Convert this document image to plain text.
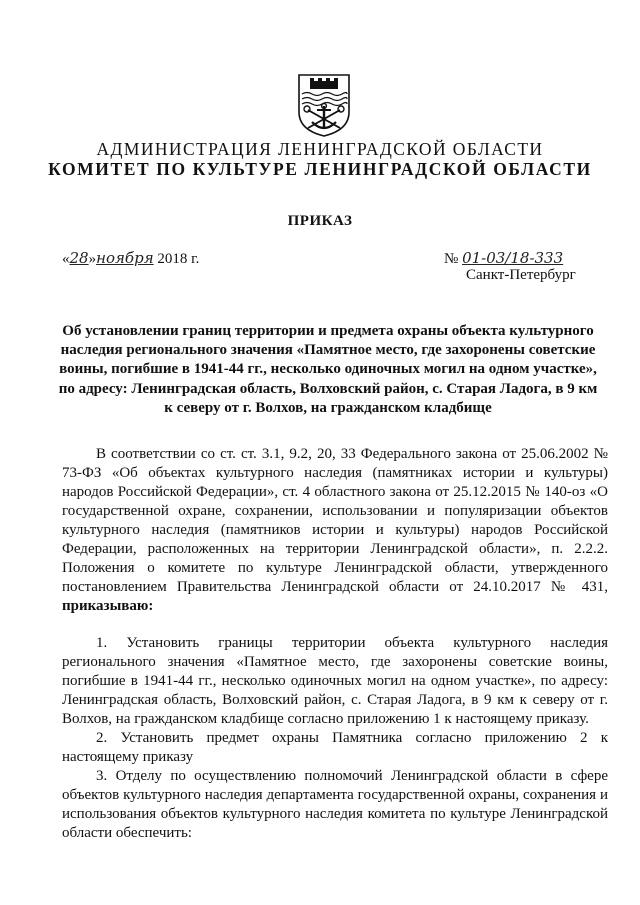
АДМИНИСТРАЦИЯ ЛЕНИНГРАДСКОЙ ОБЛАСТИ
КОМИТЕТ ПО КУЛЬТУРЕ ЛЕНИНГРАДСКОЙ ОБЛАСТИ
ПРИКАЗ
«28»ноября 2018 г.	№ 01-03/18-333
Санкт-Петербург
Об установлении границ территории и предмета охраны объекта культурного наследия регионального значения «Памятное место, где захоронены советские воины, погибшие в 1941-44 гг., несколько одиночных могил на одном участке», по адресу: Ленинградская область, Волховский район, с. Старая Ладога, в 9 км к северу от г. Волхов, на гражданском кладбище

В соответствии со ст. ст. 3.1, 9.2, 20, 33 Федерального закона от 25.06.2002 № 73-ФЗ «Об объектах культурного наследия (памятниках истории и культуры) народов Российской Федерации», ст. 4 областного закона от 25.12.2015 № 140-оз «О государственной охране, сохранении, использовании и популяризации объектов культурного наследия (памятников истории и культуры) народов Российской Федерации, расположенных на территории Ленинградской области», п. 2.2.2. Положения о комитете по культуре Ленинградской области, утвержденного постановлением Правительства Ленинградской области от 24.10.2017 № 431, приказываю:

1. Установить границы территории объекта культурного наследия регионального значения «Памятное место, где захоронены советские воины, погибшие в 1941-44 гг., несколько одиночных могил на одном участке», по адресу: Ленинградская область, Волховский район, с. Старая Ладога, в 9 км к северу от г. Волхов, на гражданском кладбище согласно приложению 1 к настоящему приказу.

2. Установить предмет охраны Памятника согласно приложению 2 к настоящему приказу

3. Отделу по осуществлению полномочий Ленинградской области в сфере объектов культурного наследия департамента государственной охраны, сохранения и использования объектов культурного наследия комитета по культуре Ленинградской области обеспечить:
